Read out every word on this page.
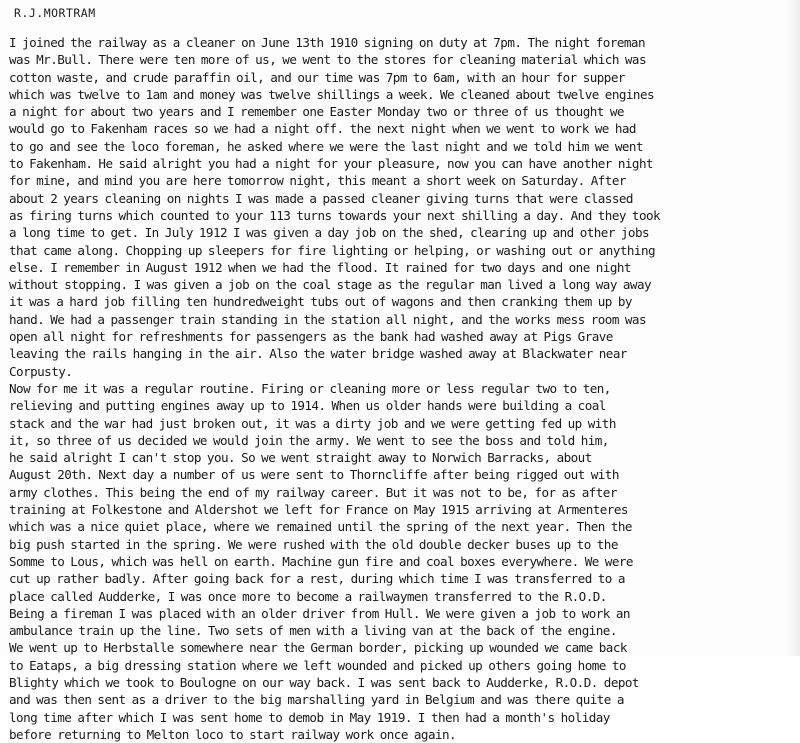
R.J.MORTRAM
I joined the railway as a cleaner on June 13th 1910 signing on duty at 7pm. The night foreman
was Mr.Bull. There were ten more of us, we went to the stores for cleaning material which was
cotton waste, and crude paraffin oil, and our time was 7pm to 6am, with an hour for supper
which was twelve to 1am and money was twelve shillings a week. We cleaned about twelve engines
a night for about two years and I remember one Easter Monday two or three of us thought we
would go to Fakenham races so we had a night off. the next night when we went to work we had
to go and see the loco foreman, he asked where we were the last night and we told him we went
to Fakenham. He said alright you had a night for your pleasure, now you can have another night
for mine, and mind you are here tomorrow night, this meant a short week on Saturday. After
about 2 years cleaning on nights I was made a passed cleaner giving turns that were classed
as firing turns which counted to your 113 turns towards your next shilling a day. And they took
a long time to get. In July 1912 I was given a day job on the shed, clearing up and other jobs
that came along. Chopping up sleepers for fire lighting or helping, or washing out or anything
else. I remember in August 1912 when we had the flood. It rained for two days and one night
without stopping. I was given a job on the coal stage as the regular man lived a long way away
it was a hard job filling ten hundredweight tubs out of wagons and then cranking them up by
hand. We had a passenger train standing in the station all night, and the works mess room was
open all night for refreshments for passengers as the bank had washed away at Pigs Grave
leaving the rails hanging in the air. Also the water bridge washed away at Blackwater near
Corpusty.
Now for me it was a regular routine. Firing or cleaning more or less regular two to ten,
relieving and putting engines away up to 1914. When us older hands were building a coal
stack and the war had just broken out, it was a dirty job and we were getting fed up with
it, so three of us decided we would join the army. We went to see the boss and told him,
he said alright I can't stop you. So we went straight away to Norwich Barracks, about
August 20th. Next day a number of us were sent to Thorncliffe after being rigged out with
army clothes. This being the end of my railway career. But it was not to be, for as after
training at Folkestone and Aldershot we left for France on May 1915 arriving at Armenteres
which was a nice quiet place, where we remained until the spring of the next year. Then the
big push started in the spring. We were rushed with the old double decker buses up to the
Somme to Lous, which was hell on earth. Machine gun fire and coal boxes everywhere. We were
cut up rather badly. After going back for a rest, during which time I was transferred to a
place called Audderke, I was once more to become a railwaymen transferred to the R.O.D.
Being a fireman I was placed with an older driver from Hull. We were given a job to work an
ambulance train up the line. Two sets of men with a living van at the back of the engine.
We went up to Herbstalle somewhere near the German border, picking up wounded we came back
to Eataps, a big dressing station where we left wounded and picked up others going home to
Blighty which we took to Boulogne on our way back. I was sent back to Audderke, R.O.D. depot
and was then sent as a driver to the big marshalling yard in Belgium and was there quite a
long time after which I was sent home to demob in May 1919. I then had a month's holiday
before returning to Melton loco to start railway work once again.
